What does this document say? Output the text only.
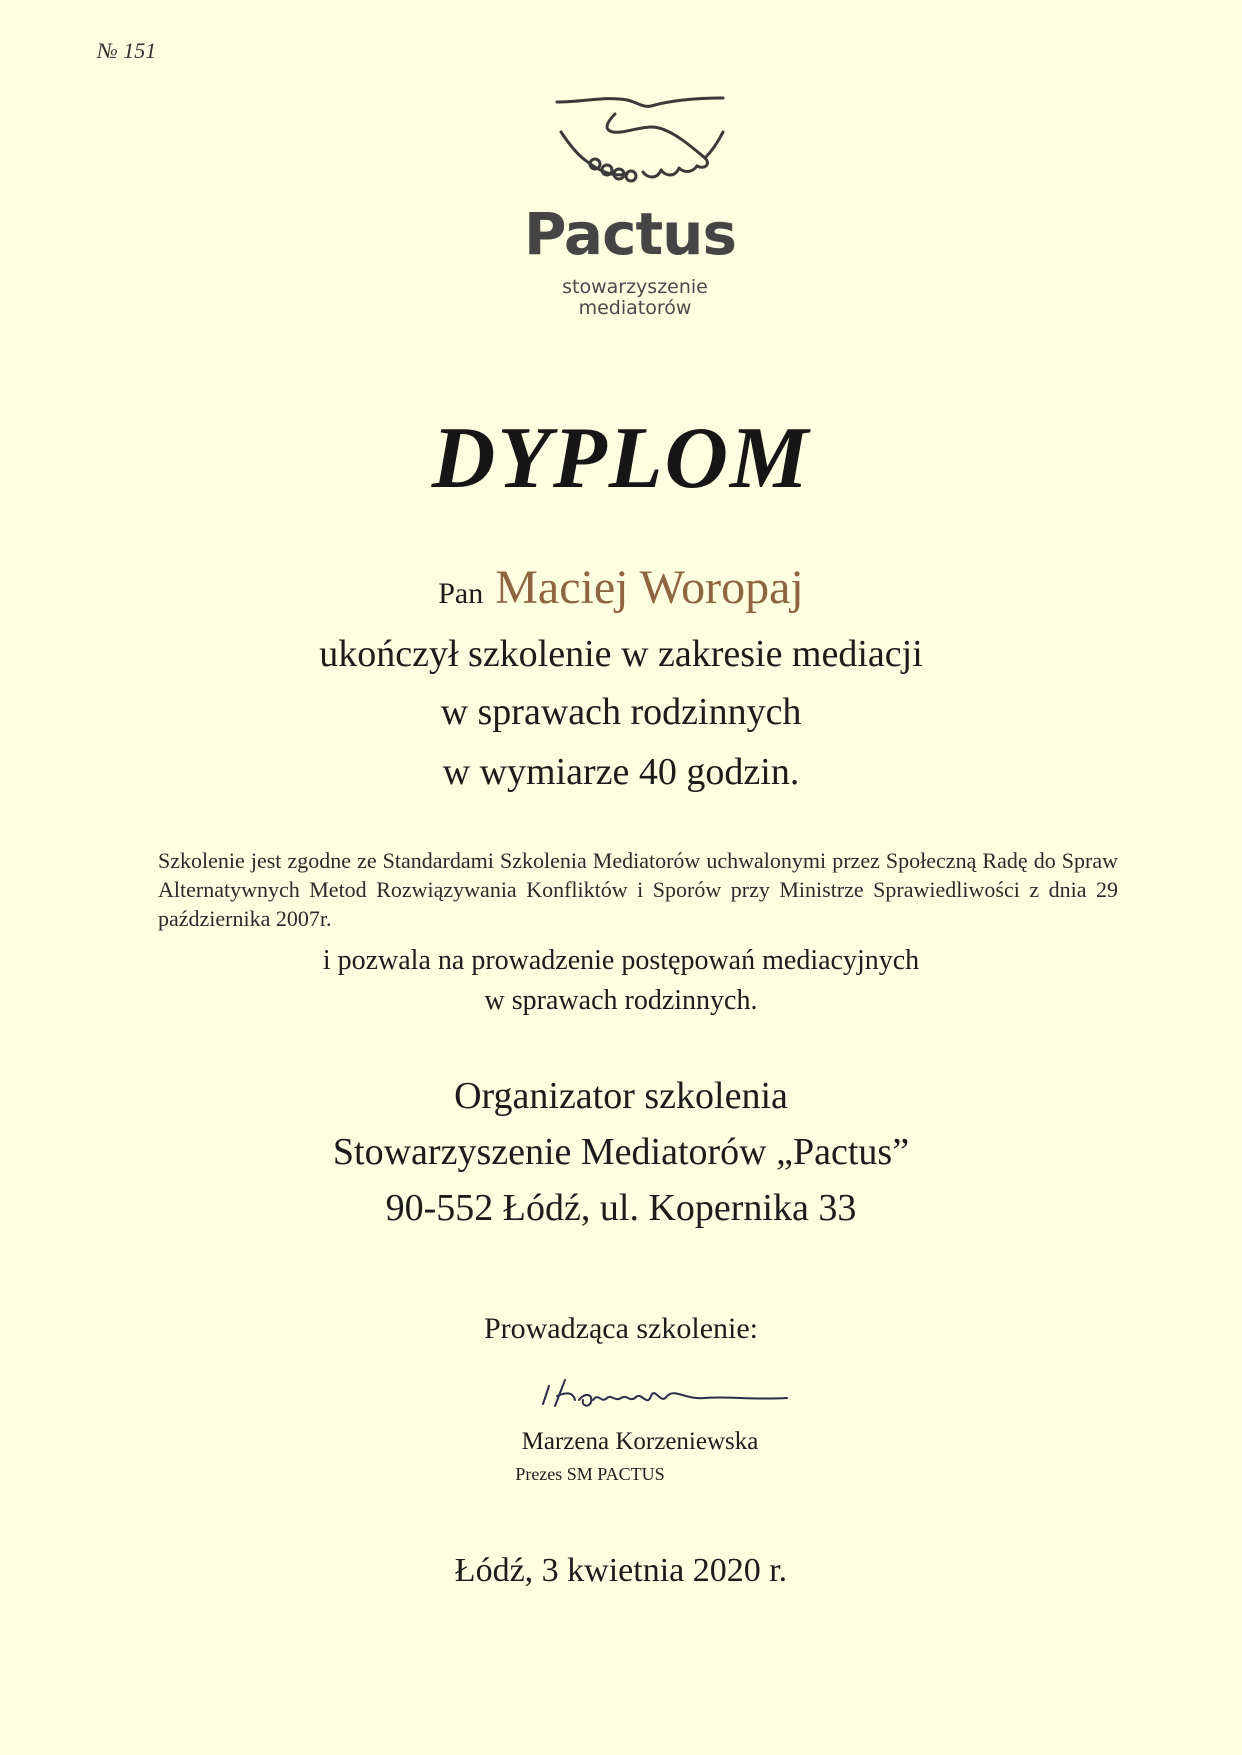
№ 151
Pactus
stowarzyszenie
mediatorów
DYPLOM
Pan Maciej Woropaj
ukończył szkolenie w zakresie mediacji
w sprawach rodzinnych
w wymiarze 40 godzin.
Szkolenie jest zgodne ze Standardami Szkolenia Mediatorów uchwalonymi przez Społeczną Radę do Spraw Alternatywnych Metod Rozwiązywania Konfliktów i Sporów przy Ministrze Sprawiedliwości z dnia 29 października 2007r.
i pozwala na prowadzenie postępowań mediacyjnych
w sprawach rodzinnych.
Organizator szkolenia
Stowarzyszenie Mediatorów „Pactus”
90-552 Łódź, ul. Kopernika 33
Prowadząca szkolenie:
Marzena Korzeniewska
Prezes SM PACTUS
Łódź, 3 kwietnia 2020 r.
